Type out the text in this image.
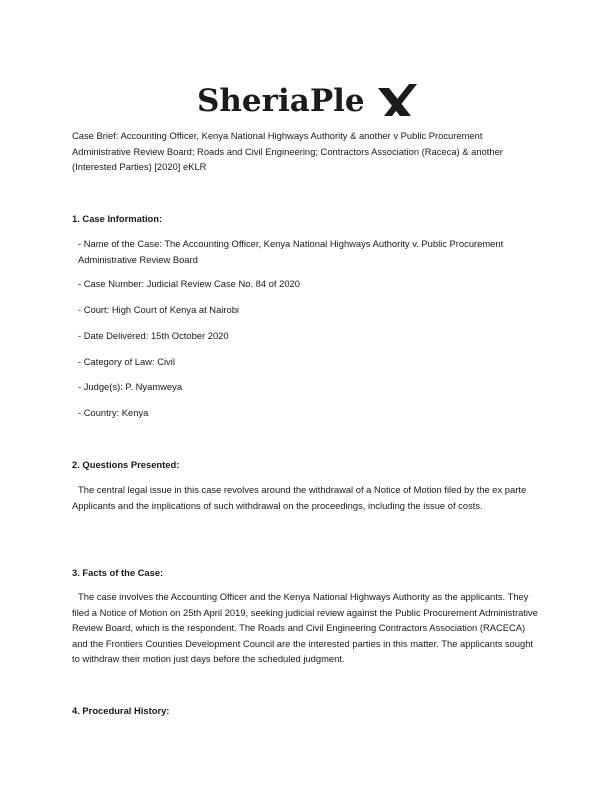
SheriaPle
Case Brief: Accounting Officer, Kenya National Highways Authority & another v Public Procurement Administrative Review Board; Roads and Civil Engineering; Contractors Association (Raceca) & another (Interested Parties) [2020] eKLR
1. Case Information:
- Name of the Case: The Accounting Officer, Kenya National Highways Authority v. Public Procurement Administrative Review Board
- Case Number: Judicial Review Case No. 84 of 2020
- Court: High Court of Kenya at Nairobi
- Date Delivered: 15th October 2020
- Category of Law: Civil
- Judge(s): P. Nyamweya
- Country: Kenya
2. Questions Presented:
The central legal issue in this case revolves around the withdrawal of a Notice of Motion filed by the ex parte Applicants and the implications of such withdrawal on the proceedings, including the issue of costs.
3. Facts of the Case:
The case involves the Accounting Officer and the Kenya National Highways Authority as the applicants. They filed a Notice of Motion on 25th April 2019, seeking judicial review against the Public Procurement Administrative Review Board, which is the respondent. The Roads and Civil Engineering Contractors Association (RACECA) and the Frontiers Counties Development Council are the interested parties in this matter. The applicants sought to withdraw their motion just days before the scheduled judgment.
4. Procedural History:
